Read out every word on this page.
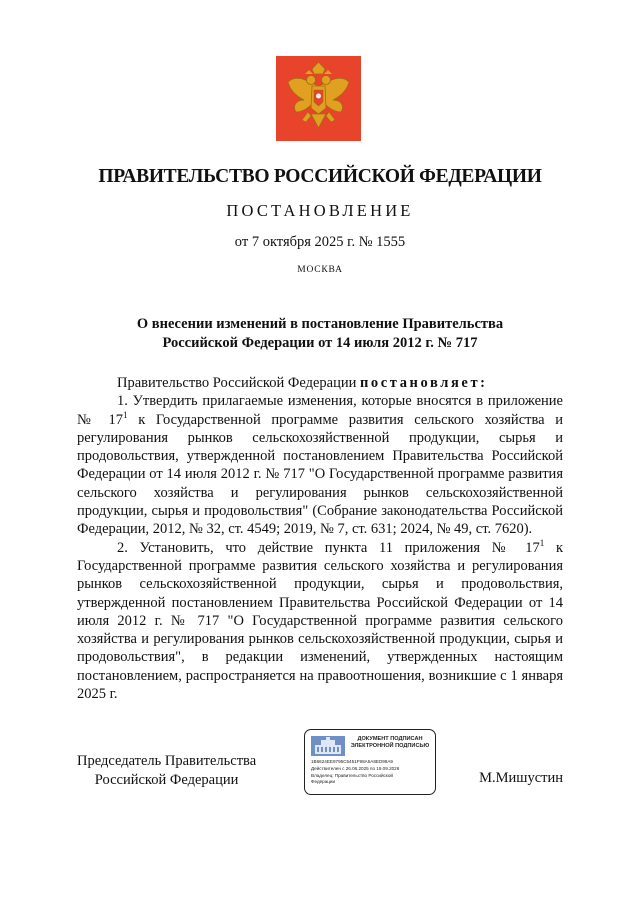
ПРАВИТЕЛЬСТВО РОССИЙСКОЙ ФЕДЕРАЦИИ
ПОСТАНОВЛЕНИЕ
от 7 октября 2025 г. № 1555
МОСКВА
О внесении изменений в постановление Правительства
Российской Федерации от 14 июля 2012 г. № 717

Правительство Российской Федерации постановляет:

1. Утвердить прилагаемые изменения, которые вносятся в приложение № $17^1$ к Государственной программе развития сельского хозяйства и регулирования рынков сельскохозяйственной продукции, сырья и продовольствия, утвержденной постановлением Правительства Российской Федерации от 14 июля 2012 г. № 717 "О Государственной программе развития сельского хозяйства и регулирования рынков сельскохозяйственной продукции, сырья и продовольствия" (Собрание законодательства Российской Федерации, 2012, № 32, ст. 4549; 2019, № 7, ст. 631; 2024, № 49, ст. 7620).

2. Установить, что действие пункта 11 приложения № $17^1$ к Государственной программе развития сельского хозяйства и регулирования рынков сельскохозяйственной продукции, сырья и продовольствия, утвержденной постановлением Правительства Российской Федерации от 14 июля 2012 г. № 717 "О Государственной программе развития сельского хозяйства и регулирования рынков сельскохозяйственной продукции, сырья и продовольствия", в редакции изменений, утвержденных настоящим постановлением, распространяется на правоотношения, возникшие с 1 января 2025 г.

Председатель Правительства
Российской Федерации
ДОКУМЕНТ ПОДПИСАН
ЭЛЕКТРОННОЙ ПОДПИСЬЮ
1B6624EE9795C5451F98A5A8ED99A9
Действителен с 26.06.2025 по 19.09.2026
Владелец: Правительство Российской
Федерации	М.Мишустин
